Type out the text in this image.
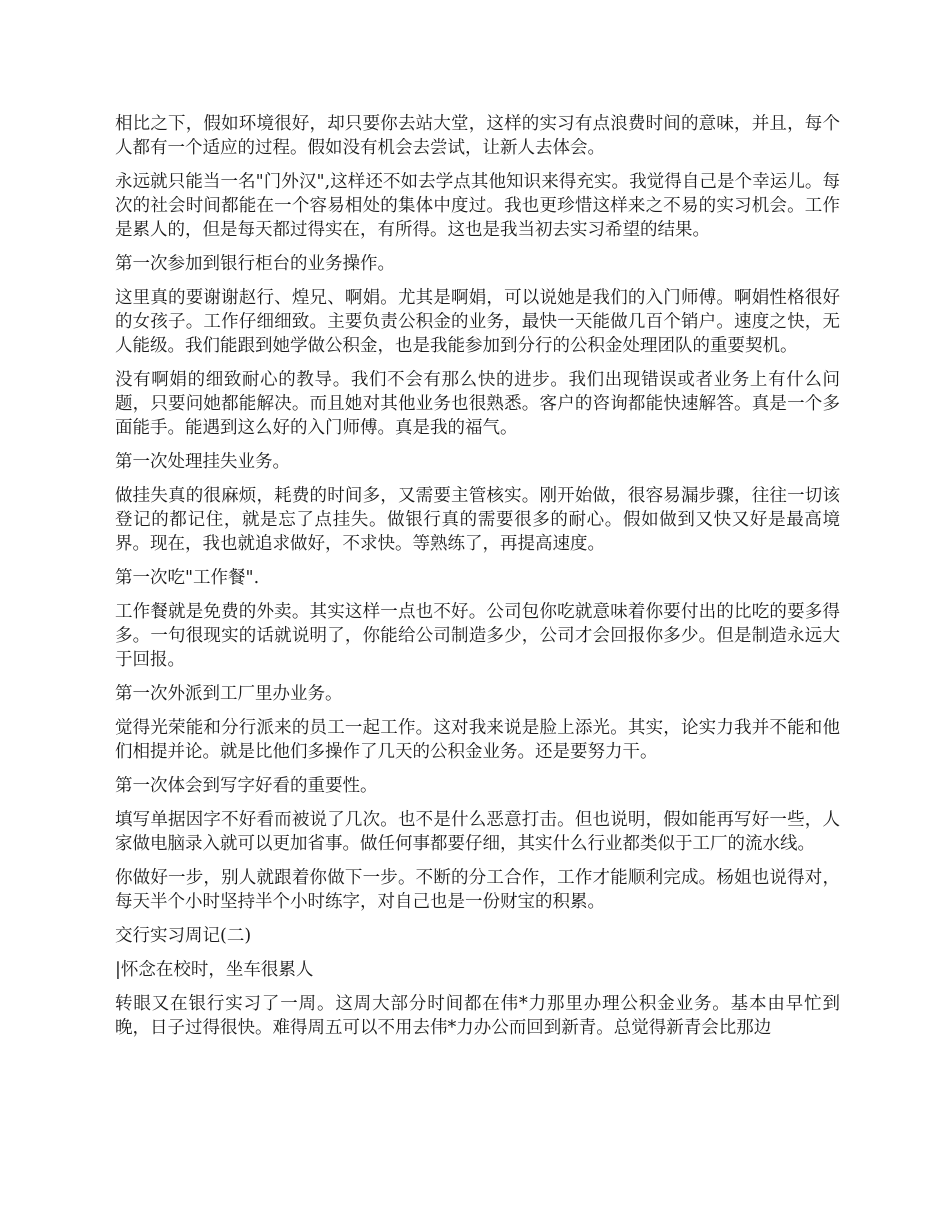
相比之下，假如环境很好，却只要你去站大堂，这样的实习有点浪费时间的意味，并且，每个人都有一个适应的过程。假如没有机会去尝试，让新人去体会。

永远就只能当一名"门外汉",这样还不如去学点其他知识来得充实。我觉得自己是个幸运儿。每次的社会时间都能在一个容易相处的集体中度过。我也更珍惜这样来之不易的实习机会。工作是累人的，但是每天都过得实在，有所得。这也是我当初去实习希望的结果。

第一次参加到银行柜台的业务操作。

这里真的要谢谢赵行、煌兄、啊娟。尤其是啊娟，可以说她是我们的入门师傅。啊娟性格很好的女孩子。工作仔细细致。主要负责公积金的业务，最快一天能做几百个销户。速度之快，无人能级。我们能跟到她学做公积金，也是我能参加到分行的公积金处理团队的重要契机。

没有啊娟的细致耐心的教导。我们不会有那么快的进步。我们出现错误或者业务上有什么问题，只要问她都能解决。而且她对其他业务也很熟悉。客户的咨询都能快速解答。真是一个多面能手。能遇到这么好的入门师傅。真是我的福气。

第一次处理挂失业务。

做挂失真的很麻烦，耗费的时间多，又需要主管核实。刚开始做，很容易漏步骤，往往一切该登记的都记住，就是忘了点挂失。做银行真的需要很多的耐心。假如做到又快又好是最高境界。现在，我也就追求做好，不求快。等熟练了，再提高速度。

第一次吃"工作餐".

工作餐就是免费的外卖。其实这样一点也不好。公司包你吃就意味着你要付出的比吃的要多得多。一句很现实的话就说明了，你能给公司制造多少，公司才会回报你多少。但是制造永远大于回报。

第一次外派到工厂里办业务。

觉得光荣能和分行派来的员工一起工作。这对我来说是脸上添光。其实，论实力我并不能和他们相提并论。就是比他们多操作了几天的公积金业务。还是要努力干。

第一次体会到写字好看的重要性。

填写单据因字不好看而被说了几次。也不是什么恶意打击。但也说明，假如能再写好一些，人家做电脑录入就可以更加省事。做任何事都要仔细，其实什么行业都类似于工厂的流水线。

你做好一步，别人就跟着你做下一步。不断的分工合作，工作才能顺利完成。杨姐也说得对，每天半个小时坚持半个小时练字，对自己也是一份财宝的积累。

交行实习周记(二)

|怀念在校时，坐车很累人

转眼又在银行实习了一周。这周大部分时间都在伟*力那里办理公积金业务。基本由早忙到晚，日子过得很快。难得周五可以不用去伟*力办公而回到新青。总觉得新青会比那边
